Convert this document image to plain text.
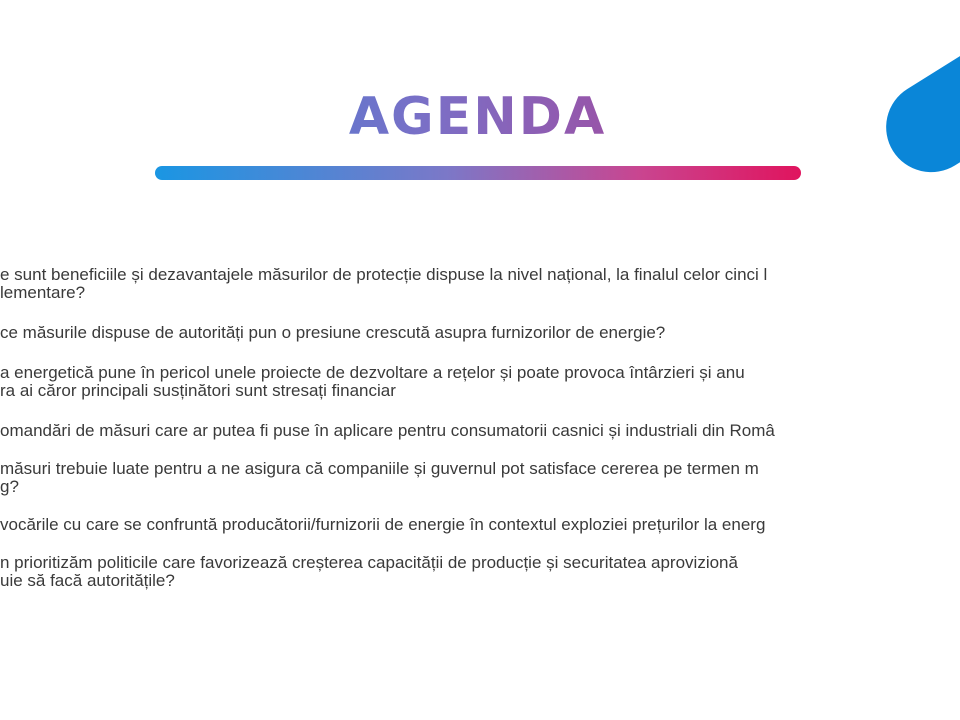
AGENDA
e sunt beneficiile și dezavantajele măsurilor de protecție dispuse la nivel național, la finalul celor cinci l
lementare?
ce măsurile dispuse de autorități pun o presiune crescută asupra furnizorilor de energie?
a energetică pune în pericol unele proiecte de dezvoltare a rețelor și poate provoca întârzieri și anu
ra ai căror principali susținători sunt stresați financiar
omandări de măsuri care ar putea fi puse în aplicare pentru consumatorii casnici și industriali din Româ
măsuri trebuie luate pentru a ne asigura că companiile și guvernul pot satisface cererea pe termen m
g?
vocările cu care se confruntă producătorii/furnizorii de energie în contextul exploziei prețurilor la energ
n prioritizăm politicile care favorizează creșterea capacității de producție și securitatea aprovizionă
uie să facă autoritățile?
